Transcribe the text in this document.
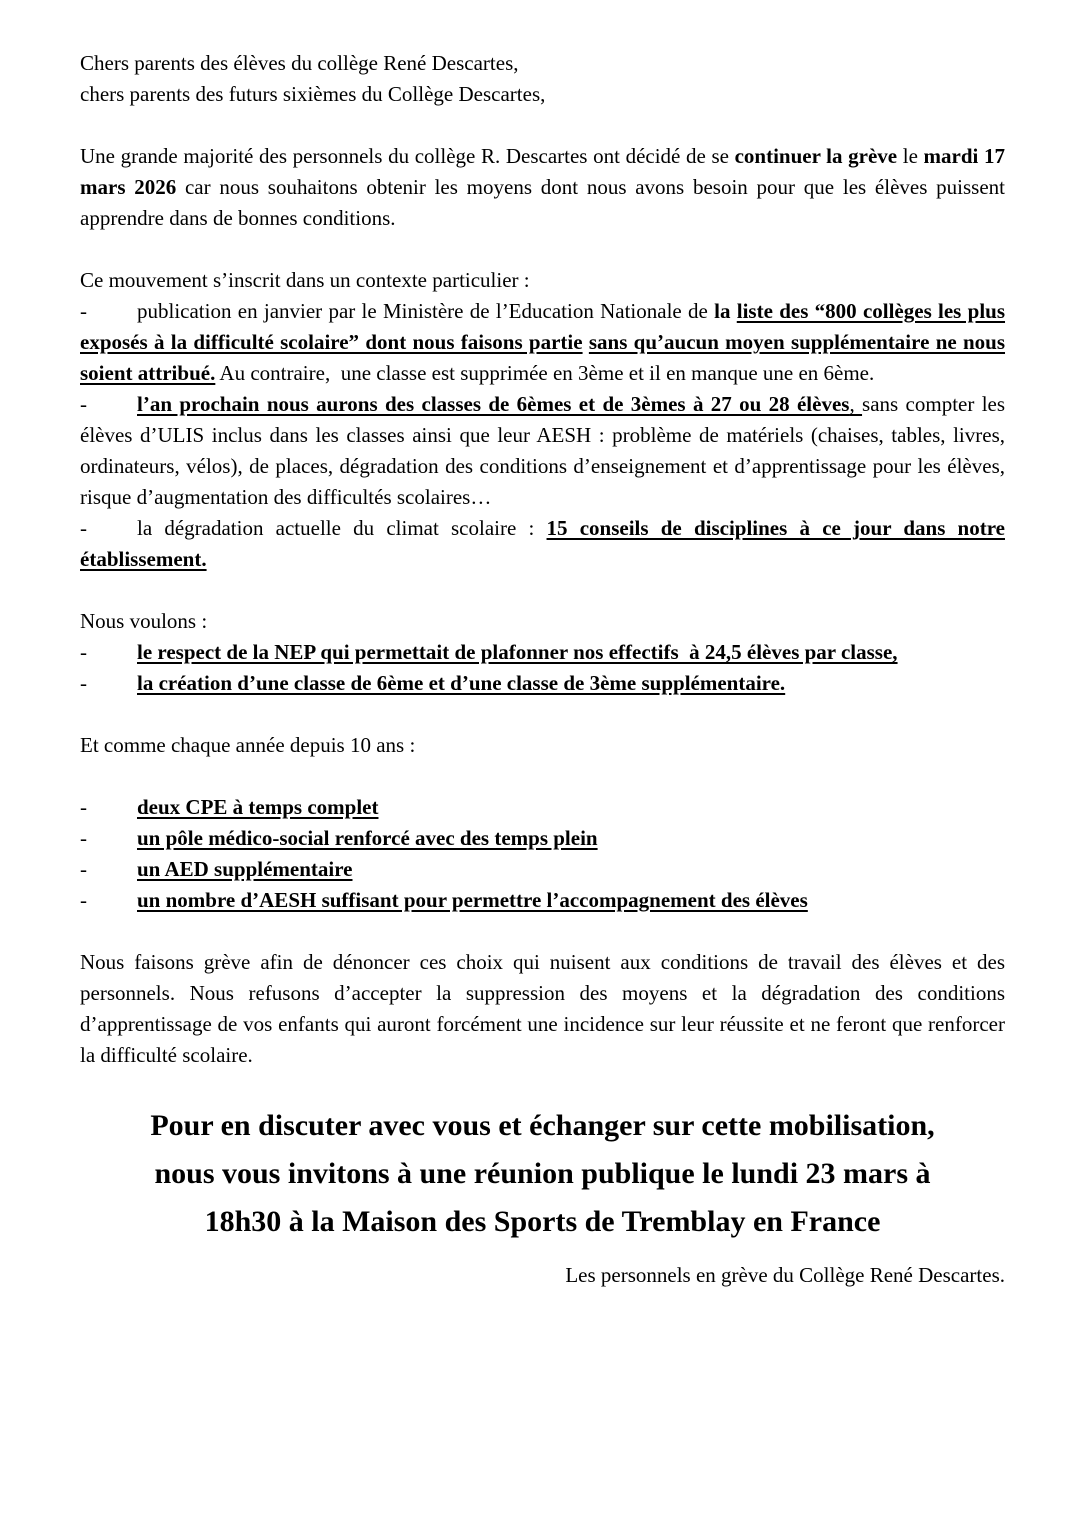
Chers parents des élèves du collège René Descartes,
chers parents des futurs sixièmes du Collège Descartes,
Une grande majorité des personnels du collège R. Descartes ont décidé de se continuer la grève le mardi 17 mars 2026 car nous souhaitons obtenir les moyens dont nous avons besoin pour que les élèves puissent apprendre dans de bonnes conditions.
Ce mouvement s’inscrit dans un contexte particulier :
- publication en janvier par le Ministère de l’Education Nationale de la liste des “800 collèges les plus exposés à la difficulté scolaire” dont nous faisons partie sans qu’aucun moyen supplémentaire ne nous soient attribué. Au contraire,  une classe est supprimée en 3ème et il en manque une en 6ème.
- l’an prochain nous aurons des classes de 6èmes et de 3èmes à 27 ou 28 élèves, sans compter les élèves d’ULIS inclus dans les classes ainsi que leur AESH : problème de matériels (chaises, tables, livres, ordinateurs, vélos), de places, dégradation des conditions d’enseignement et d’apprentissage pour les élèves, risque d’augmentation des difficultés scolaires…
- la dégradation actuelle du climat scolaire : 15 conseils de disciplines à ce jour dans notre établissement.
Nous voulons :
- le respect de la NEP qui permettait de plafonner nos effectifs  à 24,5 élèves par classe,
- la création d’une classe de 6ème et d’une classe de 3ème supplémentaire.
Et comme chaque année depuis 10 ans :
- deux CPE à temps complet
- un pôle médico-social renforcé avec des temps plein
- un AED supplémentaire
- un nombre d’AESH suffisant pour permettre l’accompagnement des élèves
Nous faisons grève afin de dénoncer ces choix qui nuisent aux conditions de travail des élèves et des personnels. Nous refusons d’accepter la suppression des moyens et la dégradation des conditions d’apprentissage de vos enfants qui auront forcément une incidence sur leur réussite et ne feront que renforcer la difficulté scolaire.
Pour en discuter avec vous et échanger sur cette mobilisation,
nous vous invitons à une réunion publique le lundi 23 mars à
18h30 à la Maison des Sports de Tremblay en France
Les personnels en grève du Collège René Descartes.
